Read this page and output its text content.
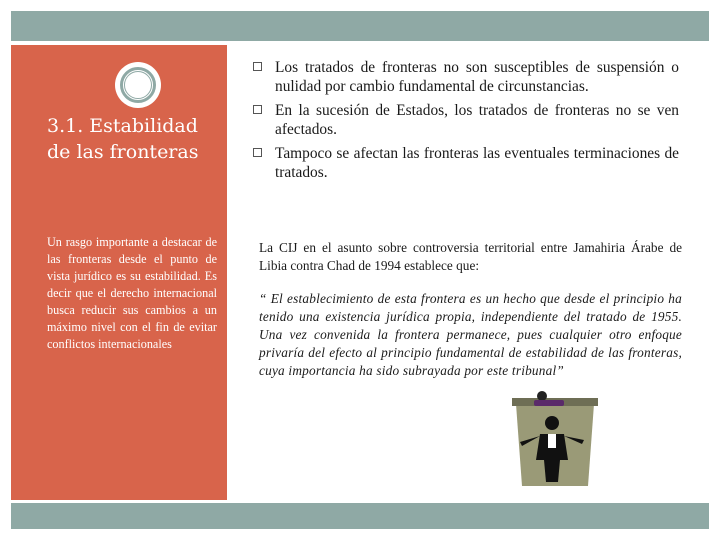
3.1. Estabilidad de las fronteras

Un rasgo importante a destacar de las fronteras desde el punto de vista jurídico es su estabilidad. Es decir que el derecho internacional busca reducir sus cambios a un máximo nivel con el fin de evitar conflictos internacionales

Los tratados de fronteras no son susceptibles de suspensión o nulidad por cambio fundamental de circunstancias.
En la sucesión de Estados, los tratados de fronteras no se ven afectados.
Tampoco se afectan las fronteras las eventuales terminaciones de tratados.

La CIJ en el asunto sobre controversia territorial entre Jamahiria Árabe de Libia contra Chad de 1994 establece que:

“ El establecimiento de esta frontera es un hecho que desde el principio ha tenido una existencia jurídica propia, independiente del tratado de 1955. Una vez convenida la frontera permanece, pues cualquier otro enfoque privaría del efecto al principio fundamental de estabilidad de las fronteras, cuya importancia ha sido subrayada por este tribunal”
